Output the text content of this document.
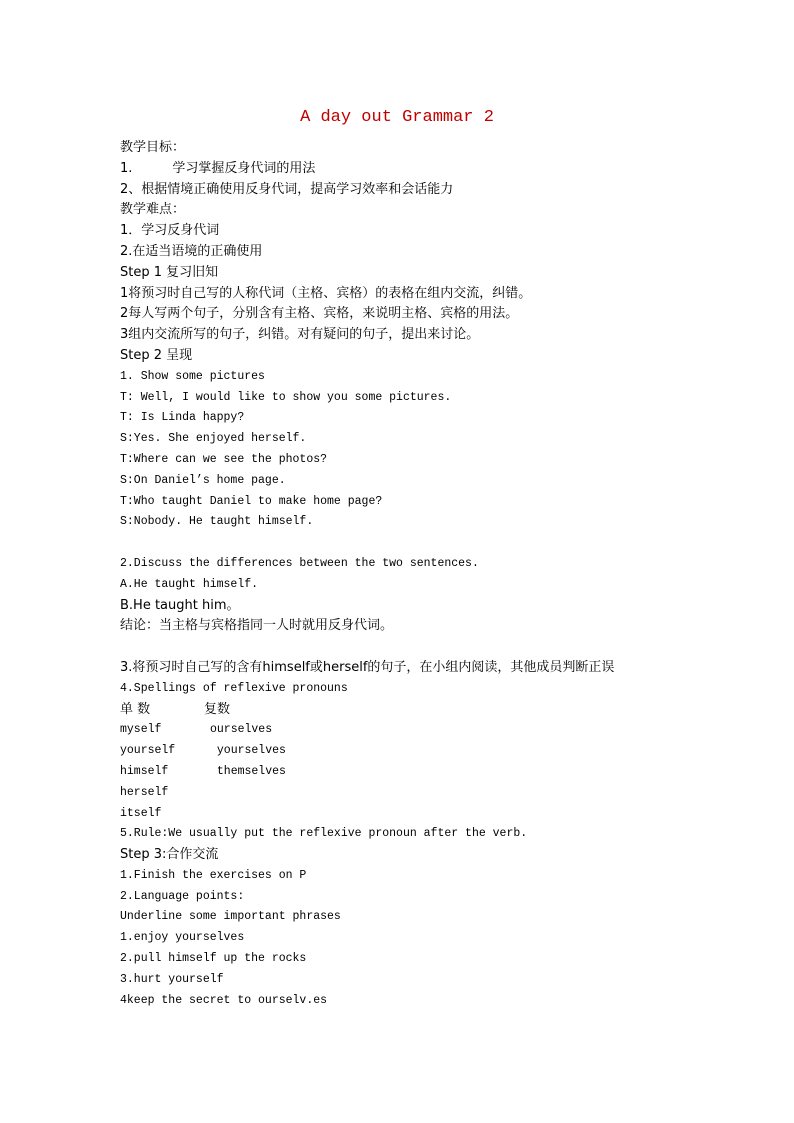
A day out Grammar 2
教学目标：
1.	学习掌握反身代词的用法
2、根据情境正确使用反身代词，提高学习效率和会话能力
教学难点：
1．学习反身代词
2.在适当语境的正确使用
Step 1 复习旧知
1将预习时自己写的人称代词（主格、宾格）的表格在组内交流，纠错。
2每人写两个句子，分别含有主格、宾格，来说明主格、宾格的用法。
3组内交流所写的句子，纠错。对有疑问的句子，提出来讨论。
Step 2 呈现
1. Show some pictures
T: Well, I would like to show you some pictures.
T: Is Linda happy?
S:Yes. She enjoyed herself.
T:Where can we see the photos?
S:On Daniel’s home page.
T:Who taught Daniel to make home page?
S:Nobody. He taught himself.
2.Discuss the differences between the two sentences.
A.He taught himself.
B.He taught him。
结论：当主格与宾格指同一人时就用反身代词。
3.将预习时自己写的含有himself或herself的句子，在小组内阅读，其他成员判断正误
4.Spellings of reflexive pronouns
单 数	复数
myself	ourselves
yourself	yourselves
himself	themselves
herself
itself
5.Rule:We usually put the reflexive pronoun after the verb.
Step 3:合作交流
1.Finish the exercises on P
2.Language points:
Underline some important phrases
1.enjoy yourselves
2.pull himself up the rocks
3.hurt yourself
4keep the secret to ourselv.es
